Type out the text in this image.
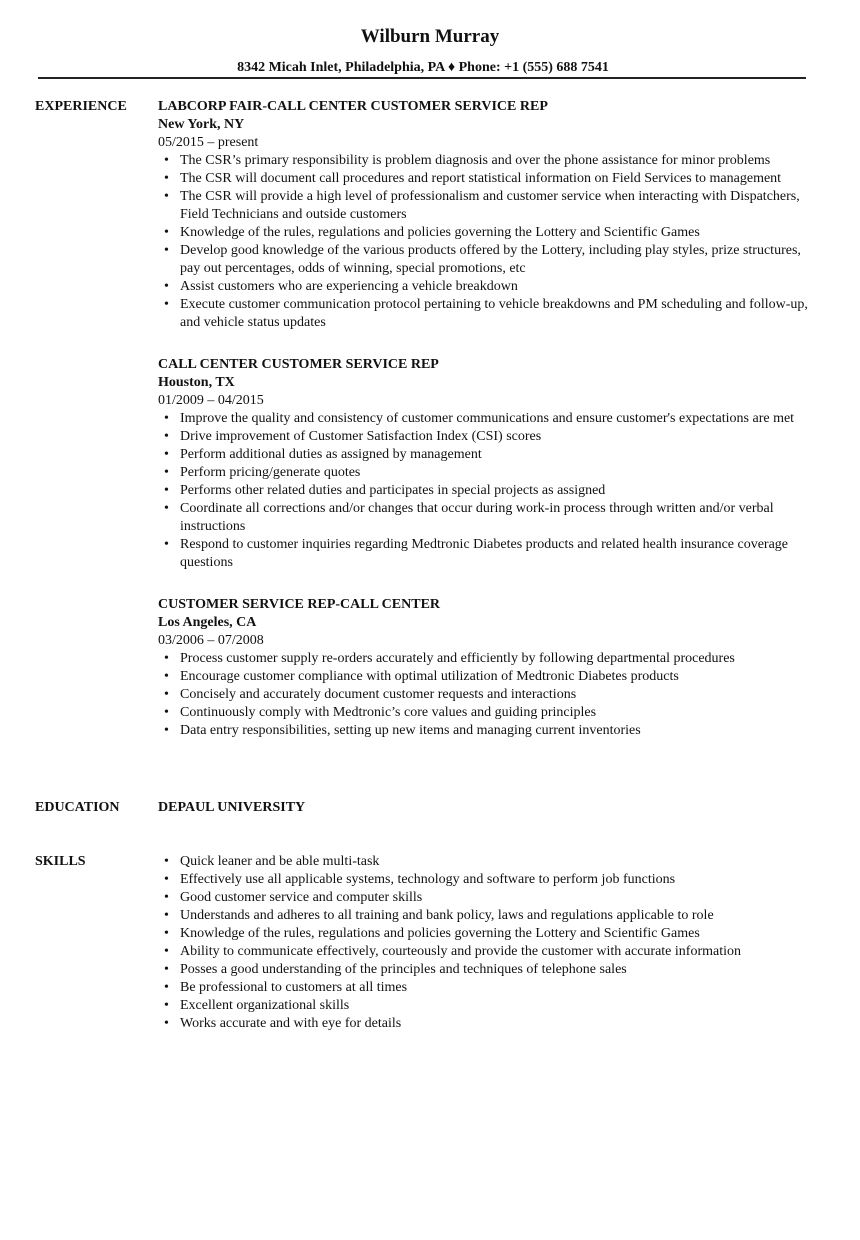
Wilburn Murray
8342 Micah Inlet, Philadelphia, PA ♦ Phone: +1 (555) 688 7541
EXPERIENCE LABCORP FAIR-CALL CENTER CUSTOMER SERVICE REP

New York, NY

05/2015 – present

• The CSR’s primary responsibility is problem diagnosis and over the phone assistance for minor problems
• The CSR will document call procedures and report statistical information on Field Services to management
• The CSR will provide a high level of professionalism and customer service when interacting with Dispatchers, Field Technicians and outside customers
• Knowledge of the rules, regulations and policies governing the Lottery and Scientific Games
• Develop good knowledge of the various products offered by the Lottery, including play styles, prize structures, pay out percentages, odds of winning, special promotions, etc
• Assist customers who are experiencing a vehicle breakdown
• Execute customer communication protocol pertaining to vehicle breakdowns and PM scheduling and follow-up, and vehicle status updates

CALL CENTER CUSTOMER SERVICE REP

Houston, TX

01/2009 – 04/2015

• Improve the quality and consistency of customer communications and ensure customer's expectations are met
• Drive improvement of Customer Satisfaction Index (CSI) scores
• Perform additional duties as assigned by management
• Perform pricing/generate quotes
• Performs other related duties and participates in special projects as assigned
• Coordinate all corrections and/or changes that occur during work-in process through written and/or verbal instructions
• Respond to customer inquiries regarding Medtronic Diabetes products and related health insurance coverage questions

CUSTOMER SERVICE REP-CALL CENTER

Los Angeles, CA

03/2006 – 07/2008

• Process customer supply re-orders accurately and efficiently by following departmental procedures
• Encourage customer compliance with optimal utilization of Medtronic Diabetes products
• Concisely and accurately document customer requests and interactions
• Continuously comply with Medtronic’s core values and guiding principles
• Data entry responsibilities, setting up new items and managing current inventories
EDUCATION	DEPAUL UNIVERSITY

SKILLS
•	Quick leaner and be able multi-task
• Effectively use all applicable systems, technology and software to perform job functions
• Good customer service and computer skills
• Understands and adheres to all training and bank policy, laws and regulations applicable to role
• Knowledge of the rules, regulations and policies governing the Lottery and Scientific Games
• Ability to communicate effectively, courteously and provide the customer with accurate information
• Posses a good understanding of the principles and techniques of telephone sales
• Be professional to customers at all times
• Excellent organizational skills
• Works accurate and with eye for details
